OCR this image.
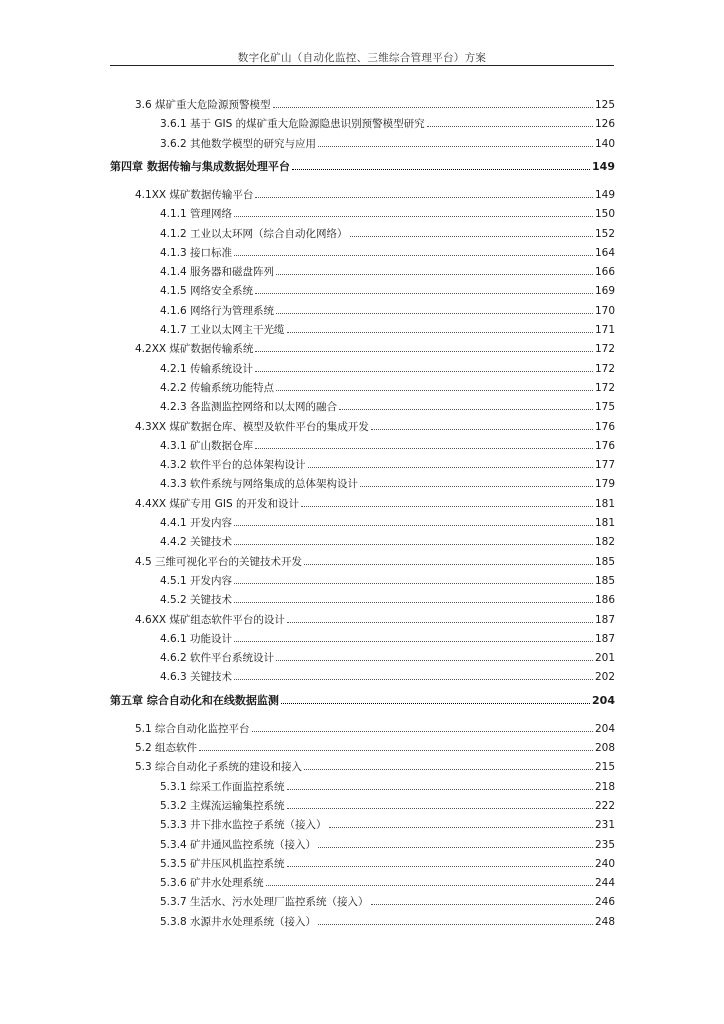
数字化矿山（自动化监控、三维综合管理平台）方案
3.6 煤矿重大危险源预警模型	125
3.6.1 基于 GIS 的煤矿重大危险源隐患识别预警模型研究	126
3.6.2 其他数学模型的研究与应用	140
第四章 数据传输与集成数据处理平台	149
4.1XX 煤矿数据传输平台	149
4.1.1 管理网络	150
4.1.2 工业以太环网（综合自动化网络）	152
4.1.3 接口标准	164
4.1.4 服务器和磁盘阵列	166
4.1.5 网络安全系统	169
4.1.6 网络行为管理系统	170
4.1.7 工业以太网主干光缆	171
4.2XX 煤矿数据传输系统	172
4.2.1 传输系统设计	172
4.2.2 传输系统功能特点	172
4.2.3 各监测监控网络和以太网的融合	175
4.3XX 煤矿数据仓库、模型及软件平台的集成开发	176
4.3.1 矿山数据仓库	176
4.3.2 软件平台的总体架构设计	177
4.3.3 软件系统与网络集成的总体架构设计	179
4.4XX 煤矿专用 GIS 的开发和设计	181
4.4.1 开发内容	181
4.4.2 关键技术	182
4.5 三维可视化平台的关键技术开发	185
4.5.1 开发内容	185
4.5.2 关键技术	186
4.6XX 煤矿组态软件平台的设计	187
4.6.1 功能设计	187
4.6.2 软件平台系统设计	201
4.6.3 关键技术	202
第五章 综合自动化和在线数据监测	204
5.1 综合自动化监控平台	204
5.2 组态软件	208
5.3 综合自动化子系统的建设和接入	215
5.3.1 综采工作面监控系统	218
5.3.2 主煤流运输集控系统	222
5.3.3 井下排水监控子系统（接入）	231
5.3.4 矿井通风监控系统（接入）	235
5.3.5 矿井压风机监控系统	240
5.3.6 矿井水处理系统	244
5.3.7 生活水、污水处理厂监控系统（接入）	246
5.3.8 水源井水处理系统（接入）	248
